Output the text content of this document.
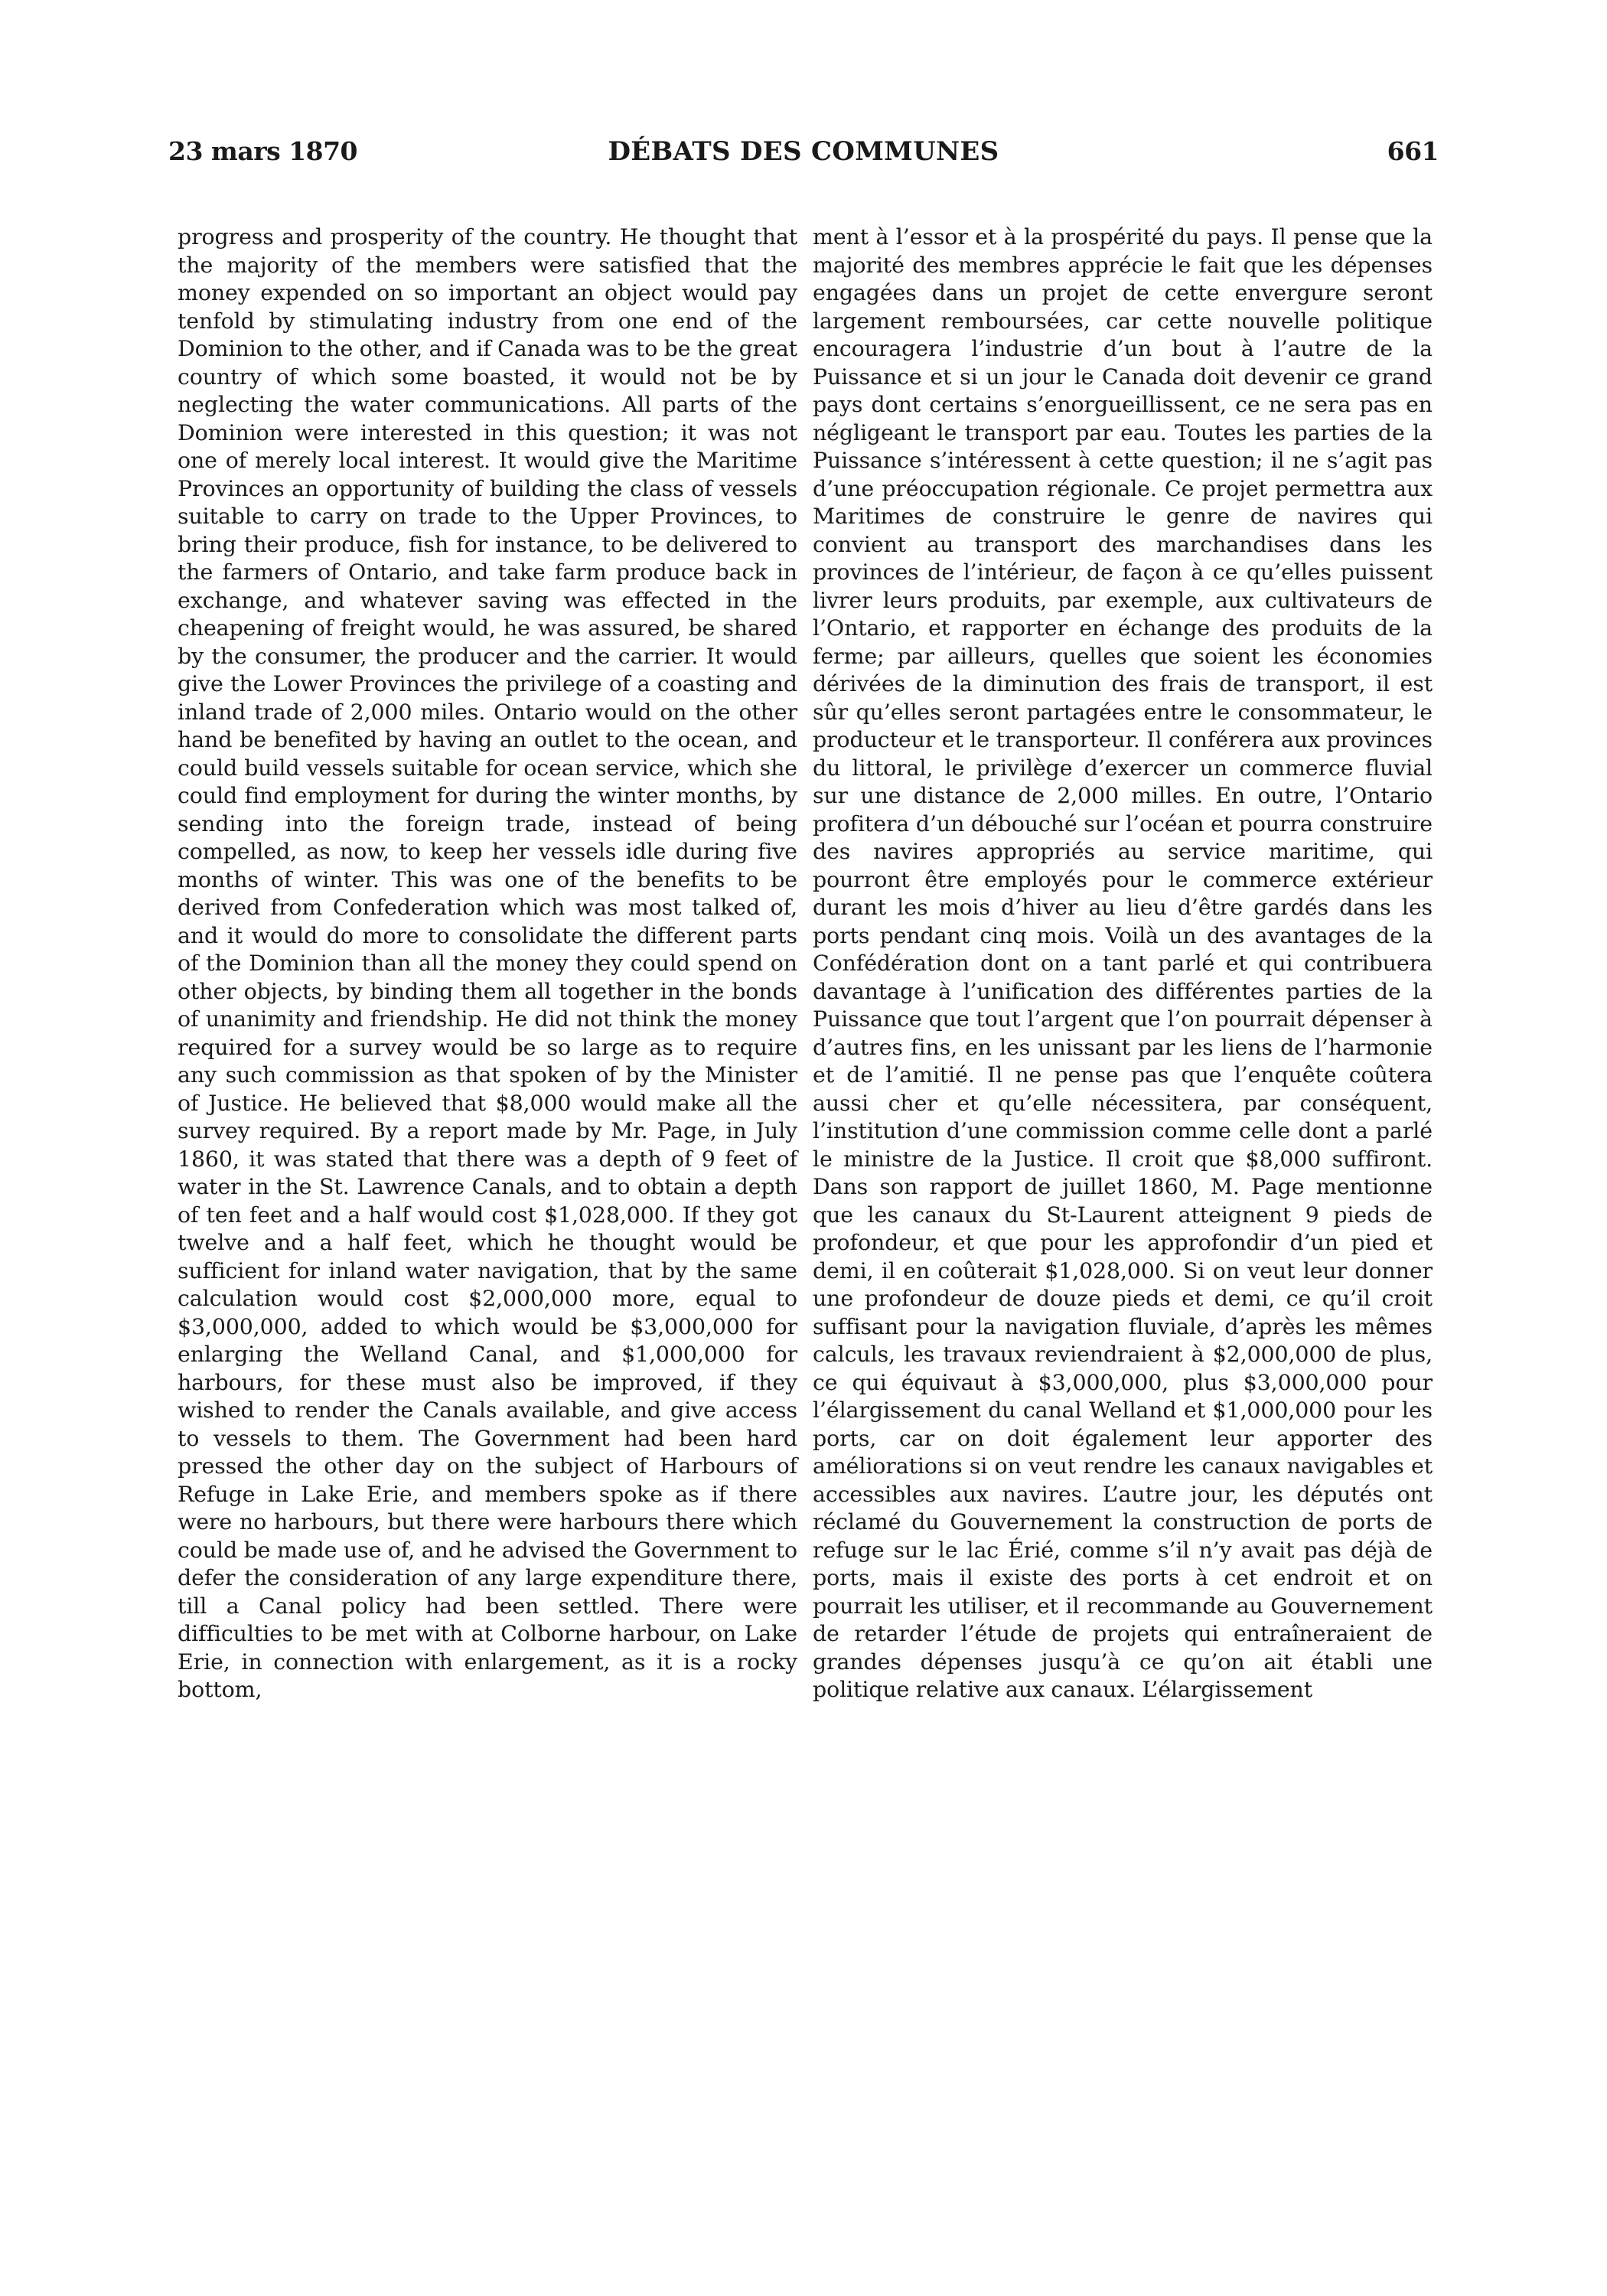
23 mars 1870	DÉBATS DES COMMUNES	661

progress and prosperity of the country. He thought that the majority of the members were satisfied that the money expended on so important an object would pay tenfold by stimulating industry from one end of the Dominion to the other, and if Canada was to be the great country of which some boasted, it would not be by neglecting the water communications. All parts of the Dominion were interested in this question; it was not one of merely local interest. It would give the Maritime Provinces an opportunity of building the class of vessels suitable to carry on trade to the Upper Provinces, to bring their produce, fish for instance, to be delivered to the farmers of Ontario, and take farm produce back in exchange, and whatever saving was effected in the cheapening of freight would, he was assured, be shared by the consumer, the producer and the carrier. It would give the Lower Provinces the privilege of a coasting and inland trade of 2,000 miles. Ontario would on the other hand be benefited by having an outlet to the ocean, and could build vessels suitable for ocean service, which she could find employment for during the winter months, by sending into the foreign trade, instead of being compelled, as now, to keep her vessels idle during five months of winter. This was one of the benefits to be derived from Confederation which was most talked of, and it would do more to consolidate the different parts of the Dominion than all the money they could spend on other objects, by binding them all together in the bonds of unanimity and friendship. He did not think the money required for a survey would be so large as to require any such commission as that spoken of by the Minister of Justice. He believed that $8,000 would make all the survey required. By a report made by Mr. Page, in July 1860, it was stated that there was a depth of 9 feet of water in the St. Lawrence Canals, and to obtain a depth of ten feet and a half would cost $1,028,000. If they got twelve and a half feet, which he thought would be sufficient for inland water navigation, that by the same calculation would cost $2,000,000 more, equal to $3,000,000, added to which would be $3,000,000 for enlarging the Welland Canal, and $1,000,000 for harbours, for these must also be improved, if they wished to render the Canals available, and give access to vessels to them. The Government had been hard pressed the other day on the subject of Harbours of Refuge in Lake Erie, and members spoke as if there were no harbours, but there were harbours there which could be made use of, and he advised the Government to defer the consideration of any large expenditure there, till a Canal policy had been settled. There were difficulties to be met with at Colborne harbour, on Lake Erie, in connection with enlargement, as it is a rocky bottom,

ment à l’essor et à la prospérité du pays. Il pense que la majorité des membres apprécie le fait que les dépenses engagées dans un projet de cette envergure seront largement remboursées, car cette nouvelle politique encouragera l’industrie d’un bout à l’autre de la Puissance et si un jour le Canada doit devenir ce grand pays dont certains s’enorgueillissent, ce ne sera pas en négligeant le transport par eau. Toutes les parties de la Puissance s’intéressent à cette question; il ne s’agit pas d’une préoccupation régionale. Ce projet permettra aux Maritimes de construire le genre de navires qui convient au transport des marchandises dans les provinces de l’intérieur, de façon à ce qu’elles puissent livrer leurs produits, par exemple, aux cultivateurs de l’Ontario, et rapporter en échange des produits de la ferme; par ailleurs, quelles que soient les économies dérivées de la diminution des frais de transport, il est sûr qu’elles seront partagées entre le consommateur, le producteur et le transporteur. Il conférera aux provinces du littoral, le privilège d’exercer un commerce fluvial sur une distance de 2,000 milles. En outre, l’Ontario profitera d’un débouché sur l’océan et pourra construire des navires appropriés au service maritime, qui pourront être employés pour le commerce extérieur durant les mois d’hiver au lieu d’être gardés dans les ports pendant cinq mois. Voilà un des avantages de la Confédération dont on a tant parlé et qui contribuera davantage à l’unification des différentes parties de la Puissance que tout l’argent que l’on pourrait dépenser à d’autres fins, en les unissant par les liens de l’harmonie et de l’amitié. Il ne pense pas que l’enquête coûtera aussi cher et qu’elle nécessitera, par conséquent, l’institution d’une commission comme celle dont a parlé le ministre de la Justice. Il croit que $8,000 suffiront. Dans son rapport de juillet 1860, M. Page mentionne que les canaux du St-Laurent atteignent 9 pieds de profondeur, et que pour les approfondir d’un pied et demi, il en coûterait $1,028,000. Si on veut leur donner une profondeur de douze pieds et demi, ce qu’il croit suffisant pour la navigation fluviale, d’après les mêmes calculs, les travaux reviendraient à $2,000,000 de plus, ce qui équivaut à $3,000,000, plus $3,000,000 pour l’élargissement du canal Welland et $1,000,000 pour les ports, car on doit également leur apporter des améliorations si on veut rendre les canaux navigables et accessibles aux navires. L’autre jour, les députés ont réclamé du Gouvernement la construction de ports de refuge sur le lac Érié, comme s’il n’y avait pas déjà de ports, mais il existe des ports à cet endroit et on pourrait les utiliser, et il recommande au Gouvernement de retarder l’étude de projets qui entraîneraient de grandes dépenses jusqu’à ce qu’on ait établi une politique relative aux canaux. L’élargissement
